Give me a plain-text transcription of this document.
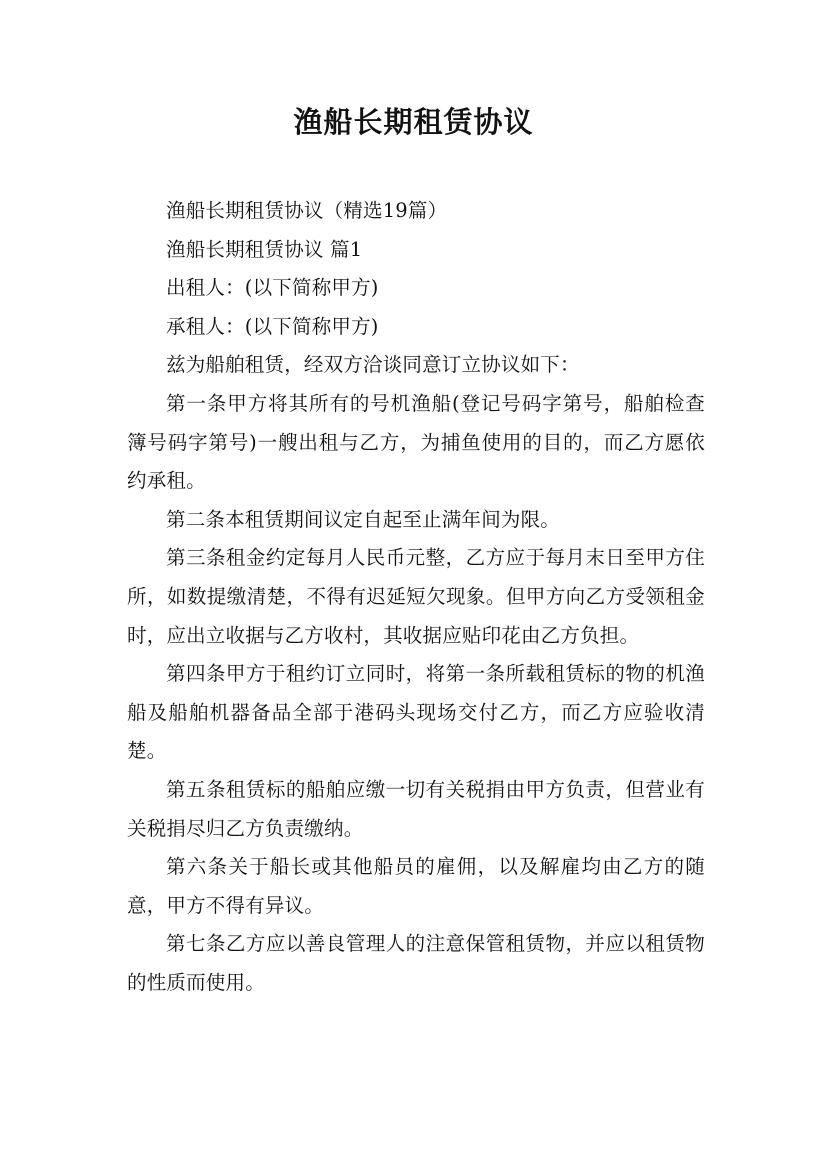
渔船长期租赁协议

渔船长期租赁协议（精选19篇）

渔船长期租赁协议 篇1

出租人：(以下简称甲方)

承租人：(以下简称甲方)

兹为船舶租赁，经双方洽谈同意订立协议如下：

第一条甲方将其所有的号机渔船(登记号码字第号，船舶检查簿号码字第号)一艘出租与乙方，为捕鱼使用的目的，而乙方愿依约承租。

第二条本租赁期间议定自起至止满年间为限。

第三条租金约定每月人民币元整，乙方应于每月末日至甲方住所，如数提缴清楚，不得有迟延短欠现象。但甲方向乙方受领租金时，应出立收据与乙方收村，其收据应贴印花由乙方负担。

第四条甲方于租约订立同时，将第一条所载租赁标的物的机渔船及船舶机器备品全部于港码头现场交付乙方，而乙方应验收清楚。

第五条租赁标的船舶应缴一切有关税捐由甲方负责，但营业有关税捐尽归乙方负责缴纳。

第六条关于船长或其他船员的雇佣，以及解雇均由乙方的随意，甲方不得有异议。

第七条乙方应以善良管理人的注意保管租赁物，并应以租赁物的性质而使用。
